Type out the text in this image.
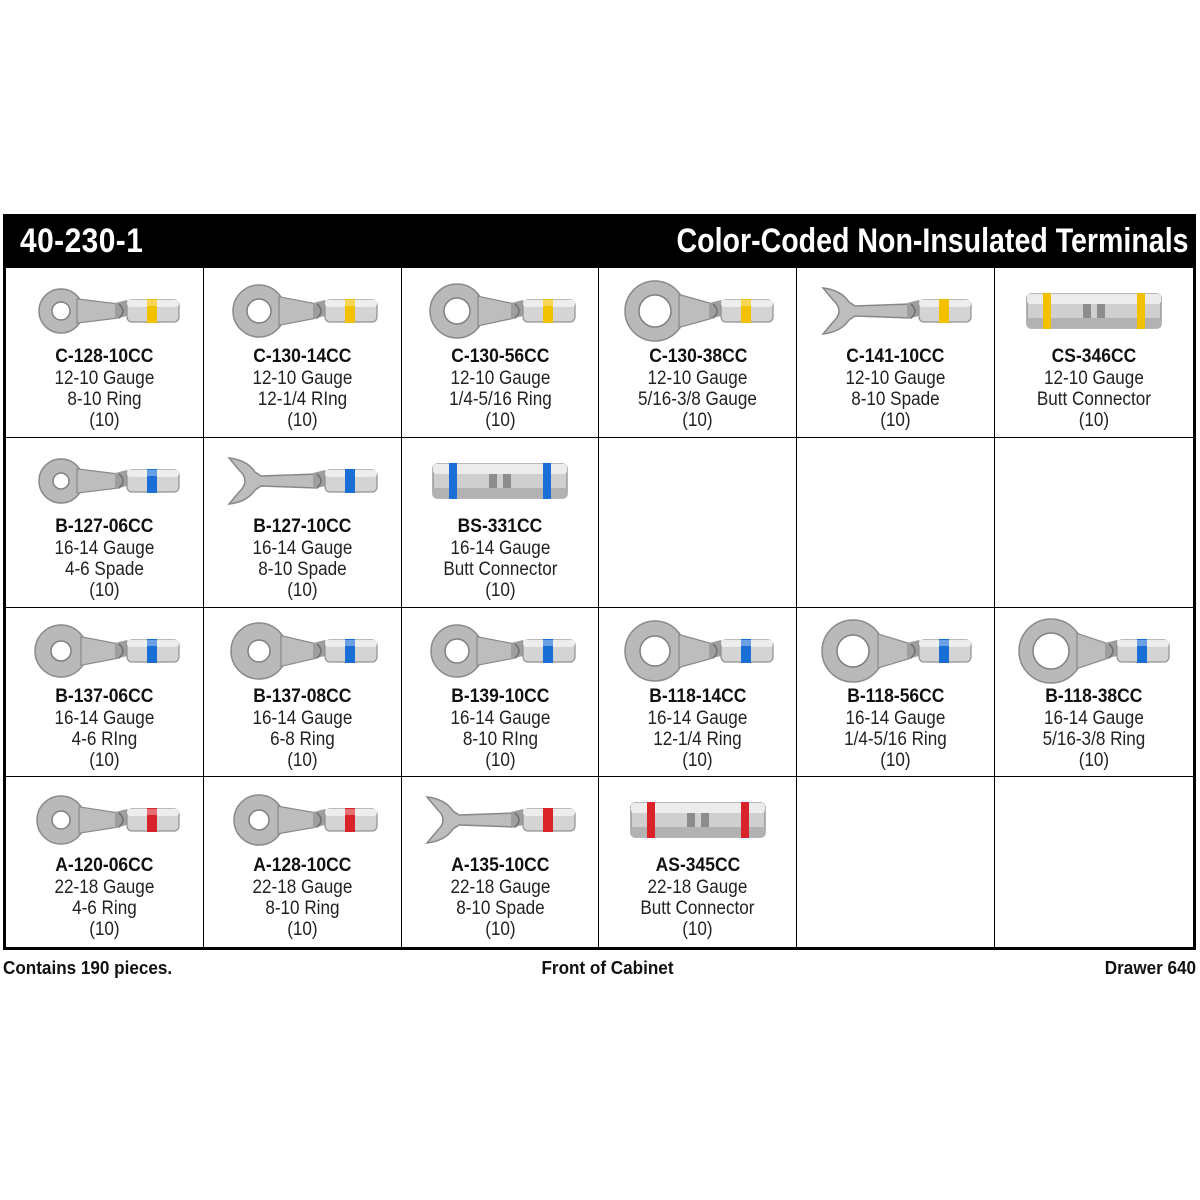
40-230-1	Color-Coded Non-Insulated Terminals
C-128-10CC

12-10 Gauge
8-10 Ring
(10)
C-130-14CC

12-10 Gauge
12-1/4 RIng
(10)
C-130-56CC

12-10 Gauge
1/4-5/16 Ring
(10)
C-130-38CC

12-10 Gauge
5/16-3/8 Gauge
(10)
C-141-10CC

12-10 Gauge
8-10 Spade
(10)
CS-346CC

12-10 Gauge
Butt Connector
(10)
B-127-06CC

16-14 Gauge
4-6 Spade
(10)
B-127-10CC

16-14 Gauge
8-10 Spade
(10)
BS-331CC

16-14 Gauge
Butt Connector
(10)
B-137-06CC

16-14 Gauge
4-6 RIng
(10)
B-137-08CC

16-14 Gauge
6-8 Ring
(10)
B-139-10CC

16-14 Gauge
8-10 RIng
(10)
B-118-14CC

16-14 Gauge
12-1/4 Ring
(10)
B-118-56CC

16-14 Gauge
1/4-5/16 Ring
(10)
B-118-38CC

16-14 Gauge
5/16-3/8 Ring
(10)
A-120-06CC

22-18 Gauge
4-6 Ring
(10)
A-128-10CC

22-18 Gauge
8-10 Ring
(10)
A-135-10CC

22-18 Gauge
8-10 Spade
(10)
AS-345CC

22-18 Gauge
Butt Connector
(10)
Contains 190 pieces.	Front of Cabinet	Drawer 640
